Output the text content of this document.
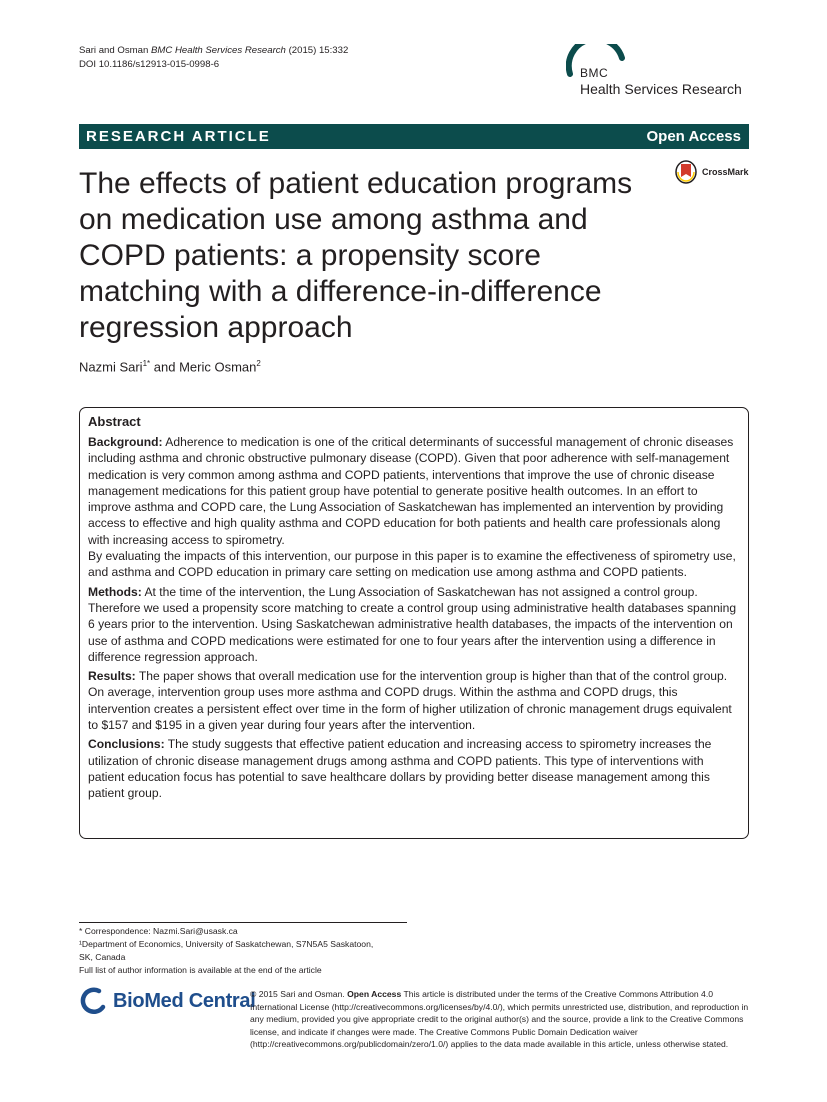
Sari and Osman BMC Health Services Research (2015) 15:332
DOI 10.1186/s12913-015-0998-6
BMC
Health Services Research
RESEARCH ARTICLE	Open Access
CrossMark
The effects of patient education programs on medication use among asthma and COPD patients: a propensity score matching with a difference-in-difference regression approach
Nazmi Sari$^{1*}$ and Meric Osman$^2$
Abstract

Background: Adherence to medication is one of the critical determinants of successful management of chronic diseases including asthma and chronic obstructive pulmonary disease (COPD). Given that poor adherence with self-management medication is very common among asthma and COPD patients, interventions that improve the use of chronic disease management medications for this patient group have potential to generate positive health outcomes. In an effort to improve asthma and COPD care, the Lung Association of Saskatchewan has implemented an intervention by providing access to effective and high quality asthma and COPD education for both patients and health care professionals along with increasing access to spirometry.
By evaluating the impacts of this intervention, our purpose in this paper is to examine the effectiveness of spirometry use, and asthma and COPD education in primary care setting on medication use among asthma and COPD patients.

Methods: At the time of the intervention, the Lung Association of Saskatchewan has not assigned a control group. Therefore we used a propensity score matching to create a control group using administrative health databases spanning 6 years prior to the intervention. Using Saskatchewan administrative health databases, the impacts of the intervention on use of asthma and COPD medications were estimated for one to four years after the intervention using a difference in difference regression approach.

Results: The paper shows that overall medication use for the intervention group is higher than that of the control group. On average, intervention group uses more asthma and COPD drugs. Within the asthma and COPD drugs, this intervention creates a persistent effect over time in the form of higher utilization of chronic management drugs equivalent to $157 and $195 in a given year during four years after the intervention.

Conclusions: The study suggests that effective patient education and increasing access to spirometry increases the utilization of chronic disease management drugs among asthma and COPD patients. This type of interventions with patient education focus has potential to save healthcare dollars by providing better disease management among this patient group.

* Correspondence: Nazmi.Sari@usask.ca
¹Department of Economics, University of Saskatchewan, S7N5A5 Saskatoon,
SK, Canada
Full list of author information is available at the end of the article
BioMed Central
© 2015 Sari and Osman. Open Access This article is distributed under the terms of the Creative Commons Attribution 4.0 International License (http://creativecommons.org/licenses/by/4.0/), which permits unrestricted use, distribution, and reproduction in any medium, provided you give appropriate credit to the original author(s) and the source, provide a link to the Creative Commons license, and indicate if changes were made. The Creative Commons Public Domain Dedication waiver (http://creativecommons.org/publicdomain/zero/1.0/) applies to the data made available in this article, unless otherwise stated.
